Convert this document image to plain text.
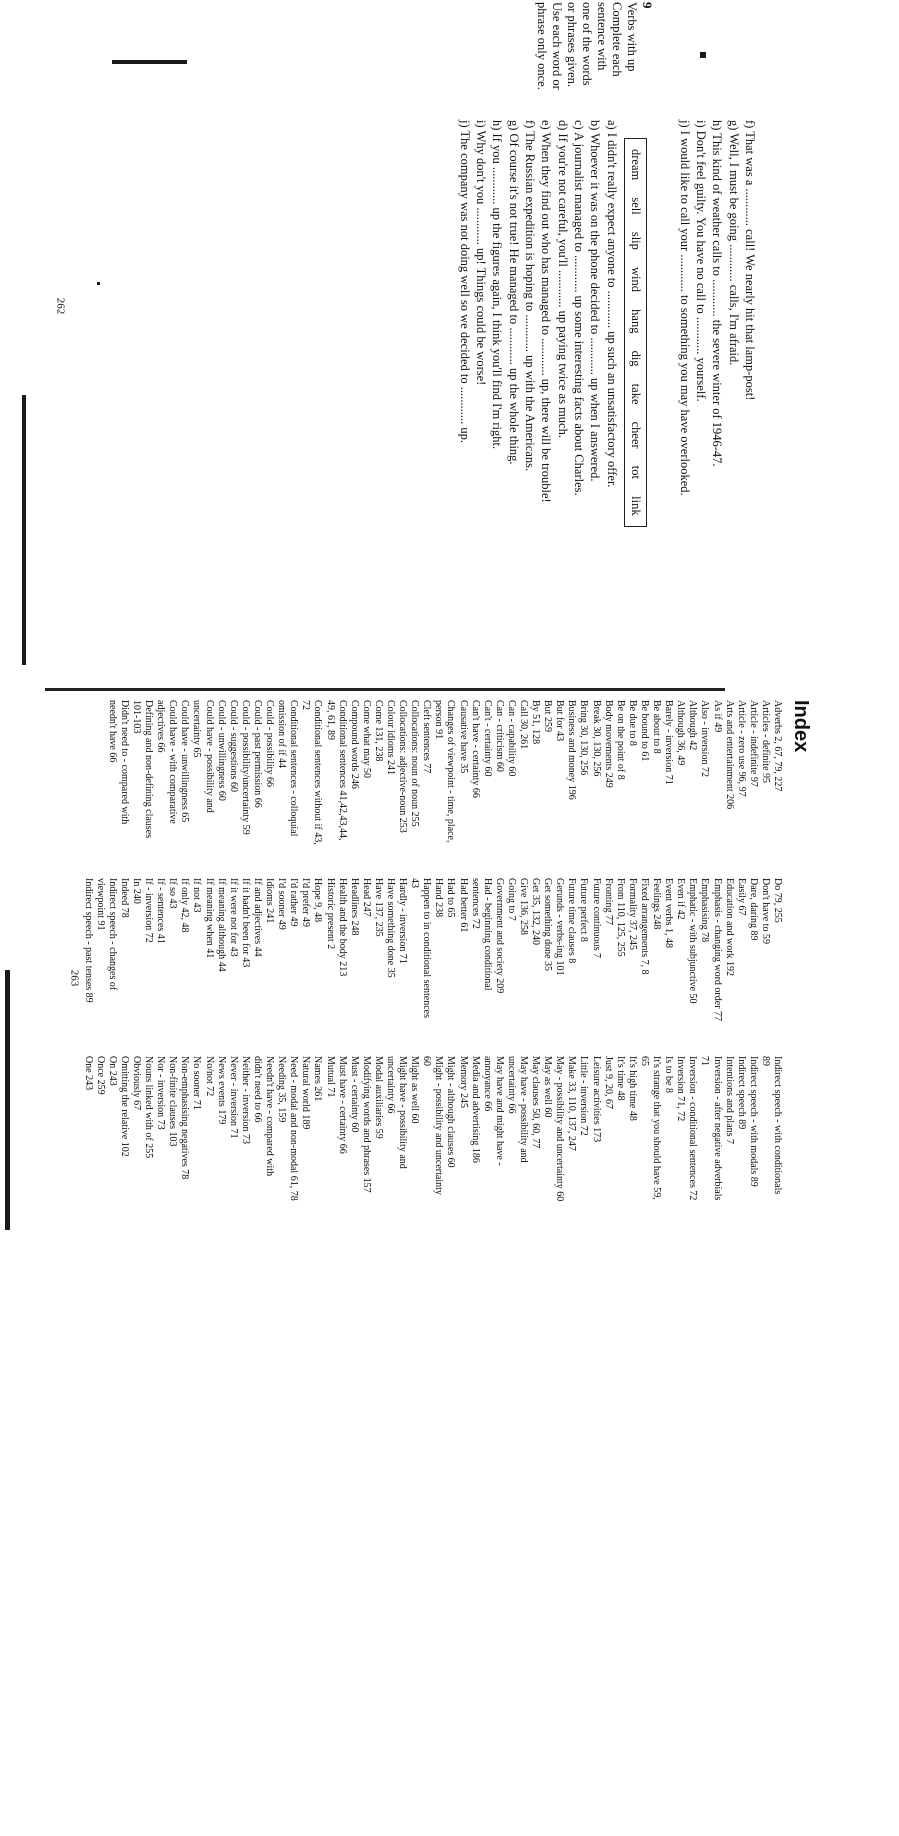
262
263
f) That was a ............ call! We nearly hit that lamp-post!
g) Well, I must be going ............ calls, I'm afraid.
h) This kind of weather calls to ............ the severe winter of 1946-47.
i) Don't feel guilty. You have no call to ............ yourself.
j) I would like to call your ............ to something you may have overlooked.
9
Verbs with up
Complete each
sentence with
one of the words
or phrases given.
Use each word or
phrase only once.
dream sell slip wind hang dig take cheer tot link
a) I didn't really expect anyone to ............ up such an unsatisfactory offer.
b) Whoever it was on the phone decided to ............ up when I answered.
c) A journalist managed to ............ up some interesting facts about Charles.
d) If you're not careful, you'll ............ up paying twice as much.
e) When they find out who has managed to ............ up, there will be trouble!
f) The Russian expedition is hoping to ............ up with the Americans.
g) Of course it's not true! He managed to ............ up the whole thing.
h) If you ............ up the figures again, I think you'll find I'm right.
i) Why don't you ............ up! Things could be worse!
j) The company was not doing well so we decided to ............ up.
Index
Adverbs 2, 67, 79, 227
Articles - definite 95
Article - indefinite 97
Article - zero use 96, 97
Arts and entertainment 206
As if 49
Also - inversion 72
Although 42
Although 36, 49
Barely - inversion 71
Be about to 8
Be bound to 61
Be due to 8
Be on the point of 8
Body movements 249
Break 30, 130, 256
Bring 30, 130, 256
Business and money 196
But for 43
But 259
By 51, 128
Call 30, 261
Can - capability 60
Can - criticism 60
Can't - certainty 60
Can't have - certainty 66
Causative have 35
Changes of viewpoint - time, place,
person 91
Cleft sentences 77
Collocations: noun of noun 255
Collocations: adjective-noun 253
Colour idioms 241
Come 131, 238
Come what may 50
Compound words 246
Conditional sentences 41,42,43,44,
49, 61, 89
Conditional sentences without if 43,
72
Conditional sentences - colloquial
omission of if 44
Could - possibility 66
Could - past permission 66
Could - possibility/uncertainty 59
Could - suggestions 60
Could - unwillingness 60
Could have - possibility and
uncertainty 65
Could have - unwillingness 65
Could have - with comparative
adjectives 66
Defining and non-defining clauses
101-103
Didn't need to - compared with
needn't have 66
Do 79, 255
Don't have to 59
Dare, daring 89
Easily 67
Education and work 192
Emphasis - changing word order 77
Emphasising 78
Emphatic - with subjunctive 50
Even if 42
Event verbs 1, 48
Feelings 248
Fixed arrangements 7, 8
Formality 37, 245
From 110, 125, 255
Fronting 77
Future continuous 7
Future perfect 8
Future time clauses 8
Gerunds - verbs-ing 101
Get something done 35
Get 35, 132, 240
Give 136, 258
Going to 7
Government and society 209
Had - beginning conditional
sentences 72
Had better 61
Had to 65
Hand 238
Happen to in conditional sentences
43
Hardly - inversion 71
Have something done 35
Have 137, 235
Head 247
Headlines 248
Health and the body 213
Historic present 2
Hope 9, 48
I'd prefer 49
I'd rather 49
I'd sooner 49
Idioms 241
If and adjectives 44
If it hadn't been for 43
If it were not for 43
If meaning although 44
If meaning when 41
If not 43
If only 42, 48
If so 43
If - sentences 41
If - inversion 72
In 240
Indeed 78
Indirect speech - changes of
viewpoint 91
Indirect speech - past tenses 89
Indirect speech - with conditionals
89
Indirect speech - with modals 89
Indirect speech 89
Intentions and plans 7
Inversion - after negative adverbials
71
Inversion - conditional sentences 72
Inversion 71, 72
Is to be 8
It's strange that you should have 59,
65
It's high time 48
It's time 48
Just 9, 20, 67
Leisure activities 173
Little - inversion 72
Make 33, 110, 137, 247
May - possibility and uncertainty 60
May as well 60
May clauses 50, 60, 77
May have - possibility and
uncertainty 66
May have and might have -
annoyance 66
Media and advertising 186
Memory 245
Might - although clauses 60
Might - possibility and uncertainty
60
Might as well 60
Might have - possibility and
uncertainty 66
Modal auxiliaries 59
Modifying words and phrases 157
Must - certainty 60
Must have - certainty 66
Mutual 71
Names 261
Natural world 189
Need - modal and non-modal 61, 78
Needing 35, 159
Needn't have - compared with
didn't need to 66
Neither - inversion 73
Never - inversion 71
News events 179
No/not 72
No sooner 71
Non-emphasising negatives 78
Non-finite clauses 103
Nor - inversion 73
Nouns linked with of 255
Obviously 67
Omitting the relative 102
On 243
Once 259
One 243
